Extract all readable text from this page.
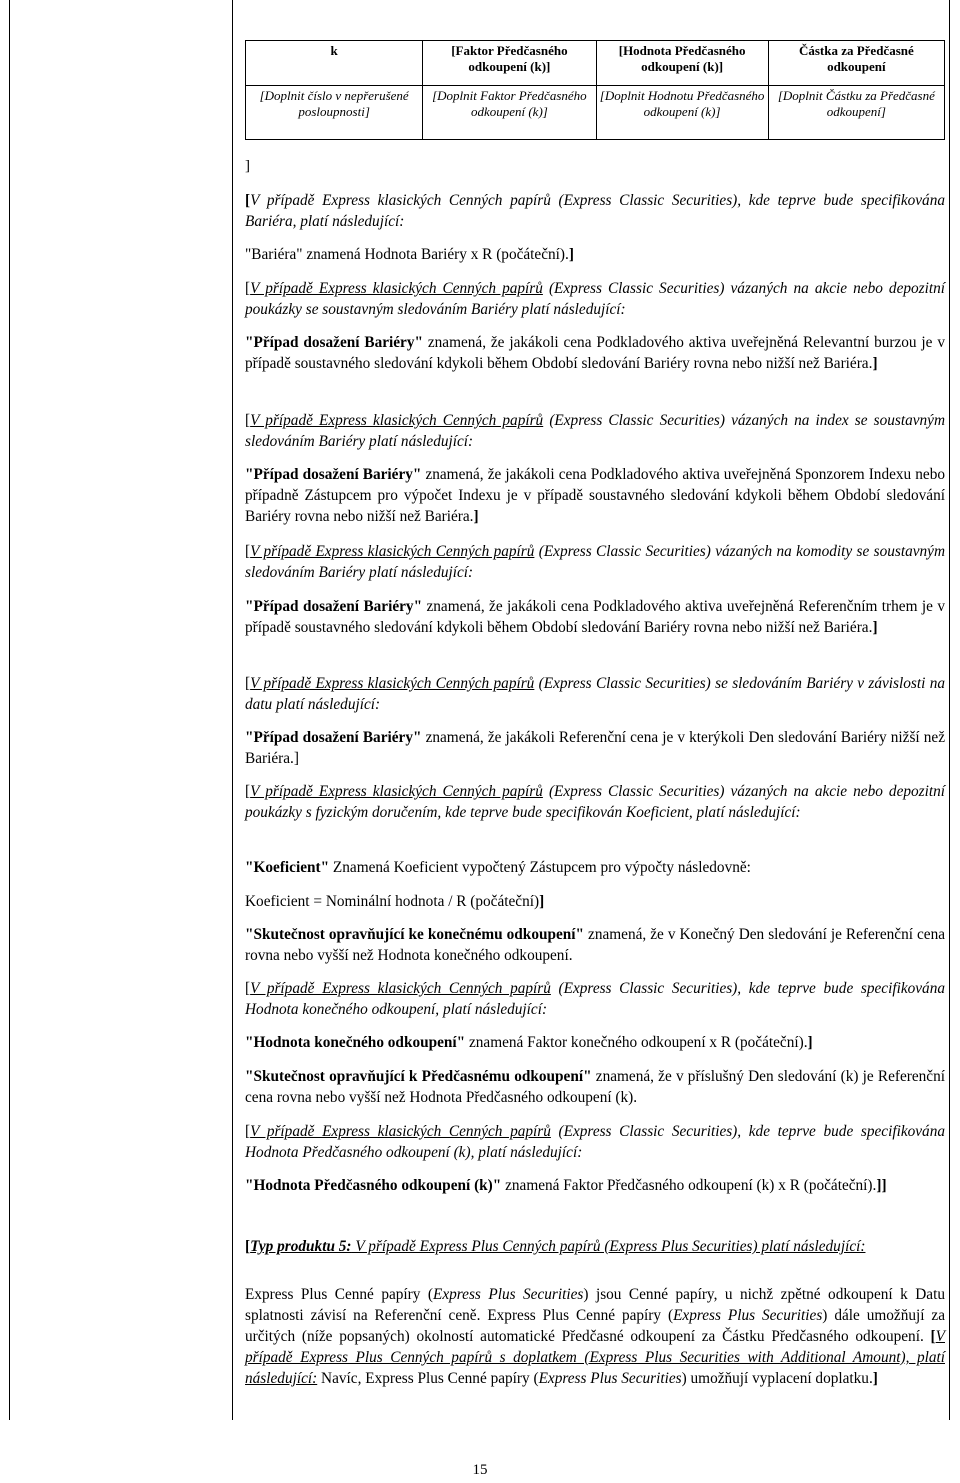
k	[Faktor Předčasného odkoupení (k)]	[Hodnota Předčasného odkoupení (k)]	Částka za Předčasné odkoupení
[Doplnit číslo v nepřerušené posloupnosti]	[Doplnit Faktor Předčasného odkoupení (k)]	[Doplnit Hodnotu Předčasného odkoupení (k)]	[Doplnit Částku za Předčasné odkoupení]
]

[V případě Express klasických Cenných papírů (Express Classic Securities), kde teprve bude specifikována Bariéra, platí následující:

"Bariéra" znamená Hodnota Bariéry x R (počáteční).]

[V případě Express klasických Cenných papírů (Express Classic Securities) vázaných na akcie nebo depozitní poukázky se soustavným sledováním Bariéry platí následující:

"Případ dosažení Bariéry" znamená, že jakákoli cena Podkladového aktiva uveřejněná Relevantní burzou je v případě soustavného sledování kdykoli během Období sledování Bariéry rovna nebo nižší než Bariéra.]

[V případě Express klasických Cenných papírů (Express Classic Securities) vázaných na index se soustavným sledováním Bariéry platí následující:

"Případ dosažení Bariéry" znamená, že jakákoli cena Podkladového aktiva uveřejněná Sponzorem Indexu nebo případně Zástupcem pro výpočet Indexu je v případě soustavného sledování kdykoli během Období sledování Bariéry rovna nebo nižší než Bariéra.]

[V případě Express klasických Cenných papírů (Express Classic Securities) vázaných na komodity se soustavným sledováním Bariéry platí následující:

"Případ dosažení Bariéry" znamená, že jakákoli cena Podkladového aktiva uveřejněná Referenčním trhem je v případě soustavného sledování kdykoli během Období sledování Bariéry rovna nebo nižší než Bariéra.]

[V případě Express klasických Cenných papírů (Express Classic Securities) se sledováním Bariéry v závislosti na datu platí následující:

"Případ dosažení Bariéry" znamená, že jakákoli Referenční cena je v kterýkoli Den sledování Bariéry nižší než Bariéra.]

[V případě Express klasických Cenných papírů (Express Classic Securities) vázaných na akcie nebo depozitní poukázky s fyzickým doručením, kde teprve bude specifikován Koeficient, platí následující:

"Koeficient" Znamená Koeficient vypočtený Zástupcem pro výpočty následovně:

Koeficient = Nominální hodnota / R (počáteční)]

"Skutečnost opravňující ke konečnému odkoupení" znamená, že v Konečný Den sledování je Referenční cena rovna nebo vyšší než Hodnota konečného odkoupení.

[V případě Express klasických Cenných papírů (Express Classic Securities), kde teprve bude specifikována Hodnota konečného odkoupení, platí následující:

"Hodnota konečného odkoupení" znamená Faktor konečného odkoupení x R (počáteční).]

"Skutečnost opravňující k Předčasnému odkoupení" znamená, že v příslušný Den sledování (k) je Referenční cena rovna nebo vyšší než Hodnota Předčasného odkoupení (k).

[V případě Express klasických Cenných papírů (Express Classic Securities), kde teprve bude specifikována Hodnota Předčasného odkoupení (k), platí následující:

"Hodnota Předčasného odkoupení (k)" znamená Faktor Předčasného odkoupení (k) x R (počáteční).]]

[Typ produktu 5: V případě Express Plus Cenných papírů (Express Plus Securities) platí následující:

Express Plus Cenné papíry (Express Plus Securities) jsou Cenné papíry, u nichž zpětné odkoupení k Datu splatnosti závisí na Referenční ceně. Express Plus Cenné papíry (Express Plus Securities) dále umožňují za určitých (níže popsaných) okolností automatické Předčasné odkoupení za Částku Předčasného odkoupení. [V případě Express Plus Cenných papírů s doplatkem (Express Plus Securities with Additional Amount), platí následující: Navíc, Express Plus Cenné papíry (Express Plus Securities) umožňují vyplacení doplatku.]

15
